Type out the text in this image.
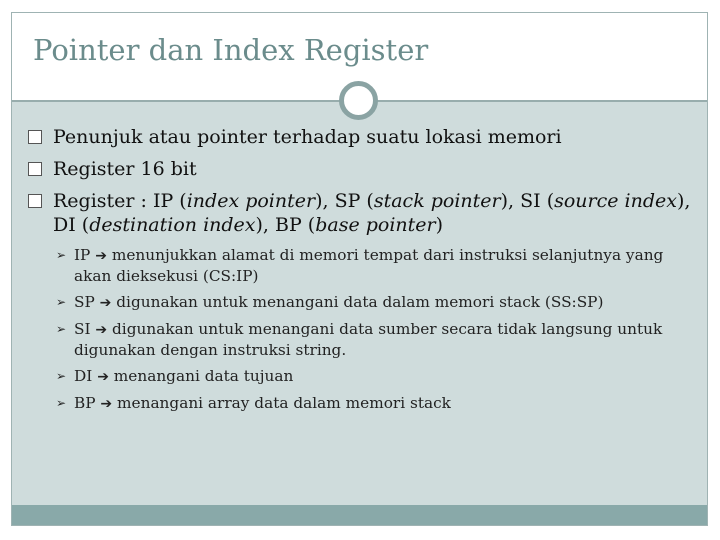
Pointer dan Index Register

Penunjuk atau pointer terhadap suatu lokasi memori

Register 16 bit

Register : IP (index pointer), SP (stack pointer), SI (source index), DI (destination index), BP (base pointer)

➢ IP ➔ menunjukkan alamat di memori tempat dari instruksi selanjutnya yang akan dieksekusi (CS:IP)
➢ SP ➔ digunakan untuk menangani data dalam memori stack (SS:SP)
➢ SI ➔ digunakan untuk menangani data sumber secara tidak langsung untuk digunakan dengan instruksi string.
➢ DI ➔ menangani data tujuan
➢ BP ➔ menangani array data dalam memori stack
